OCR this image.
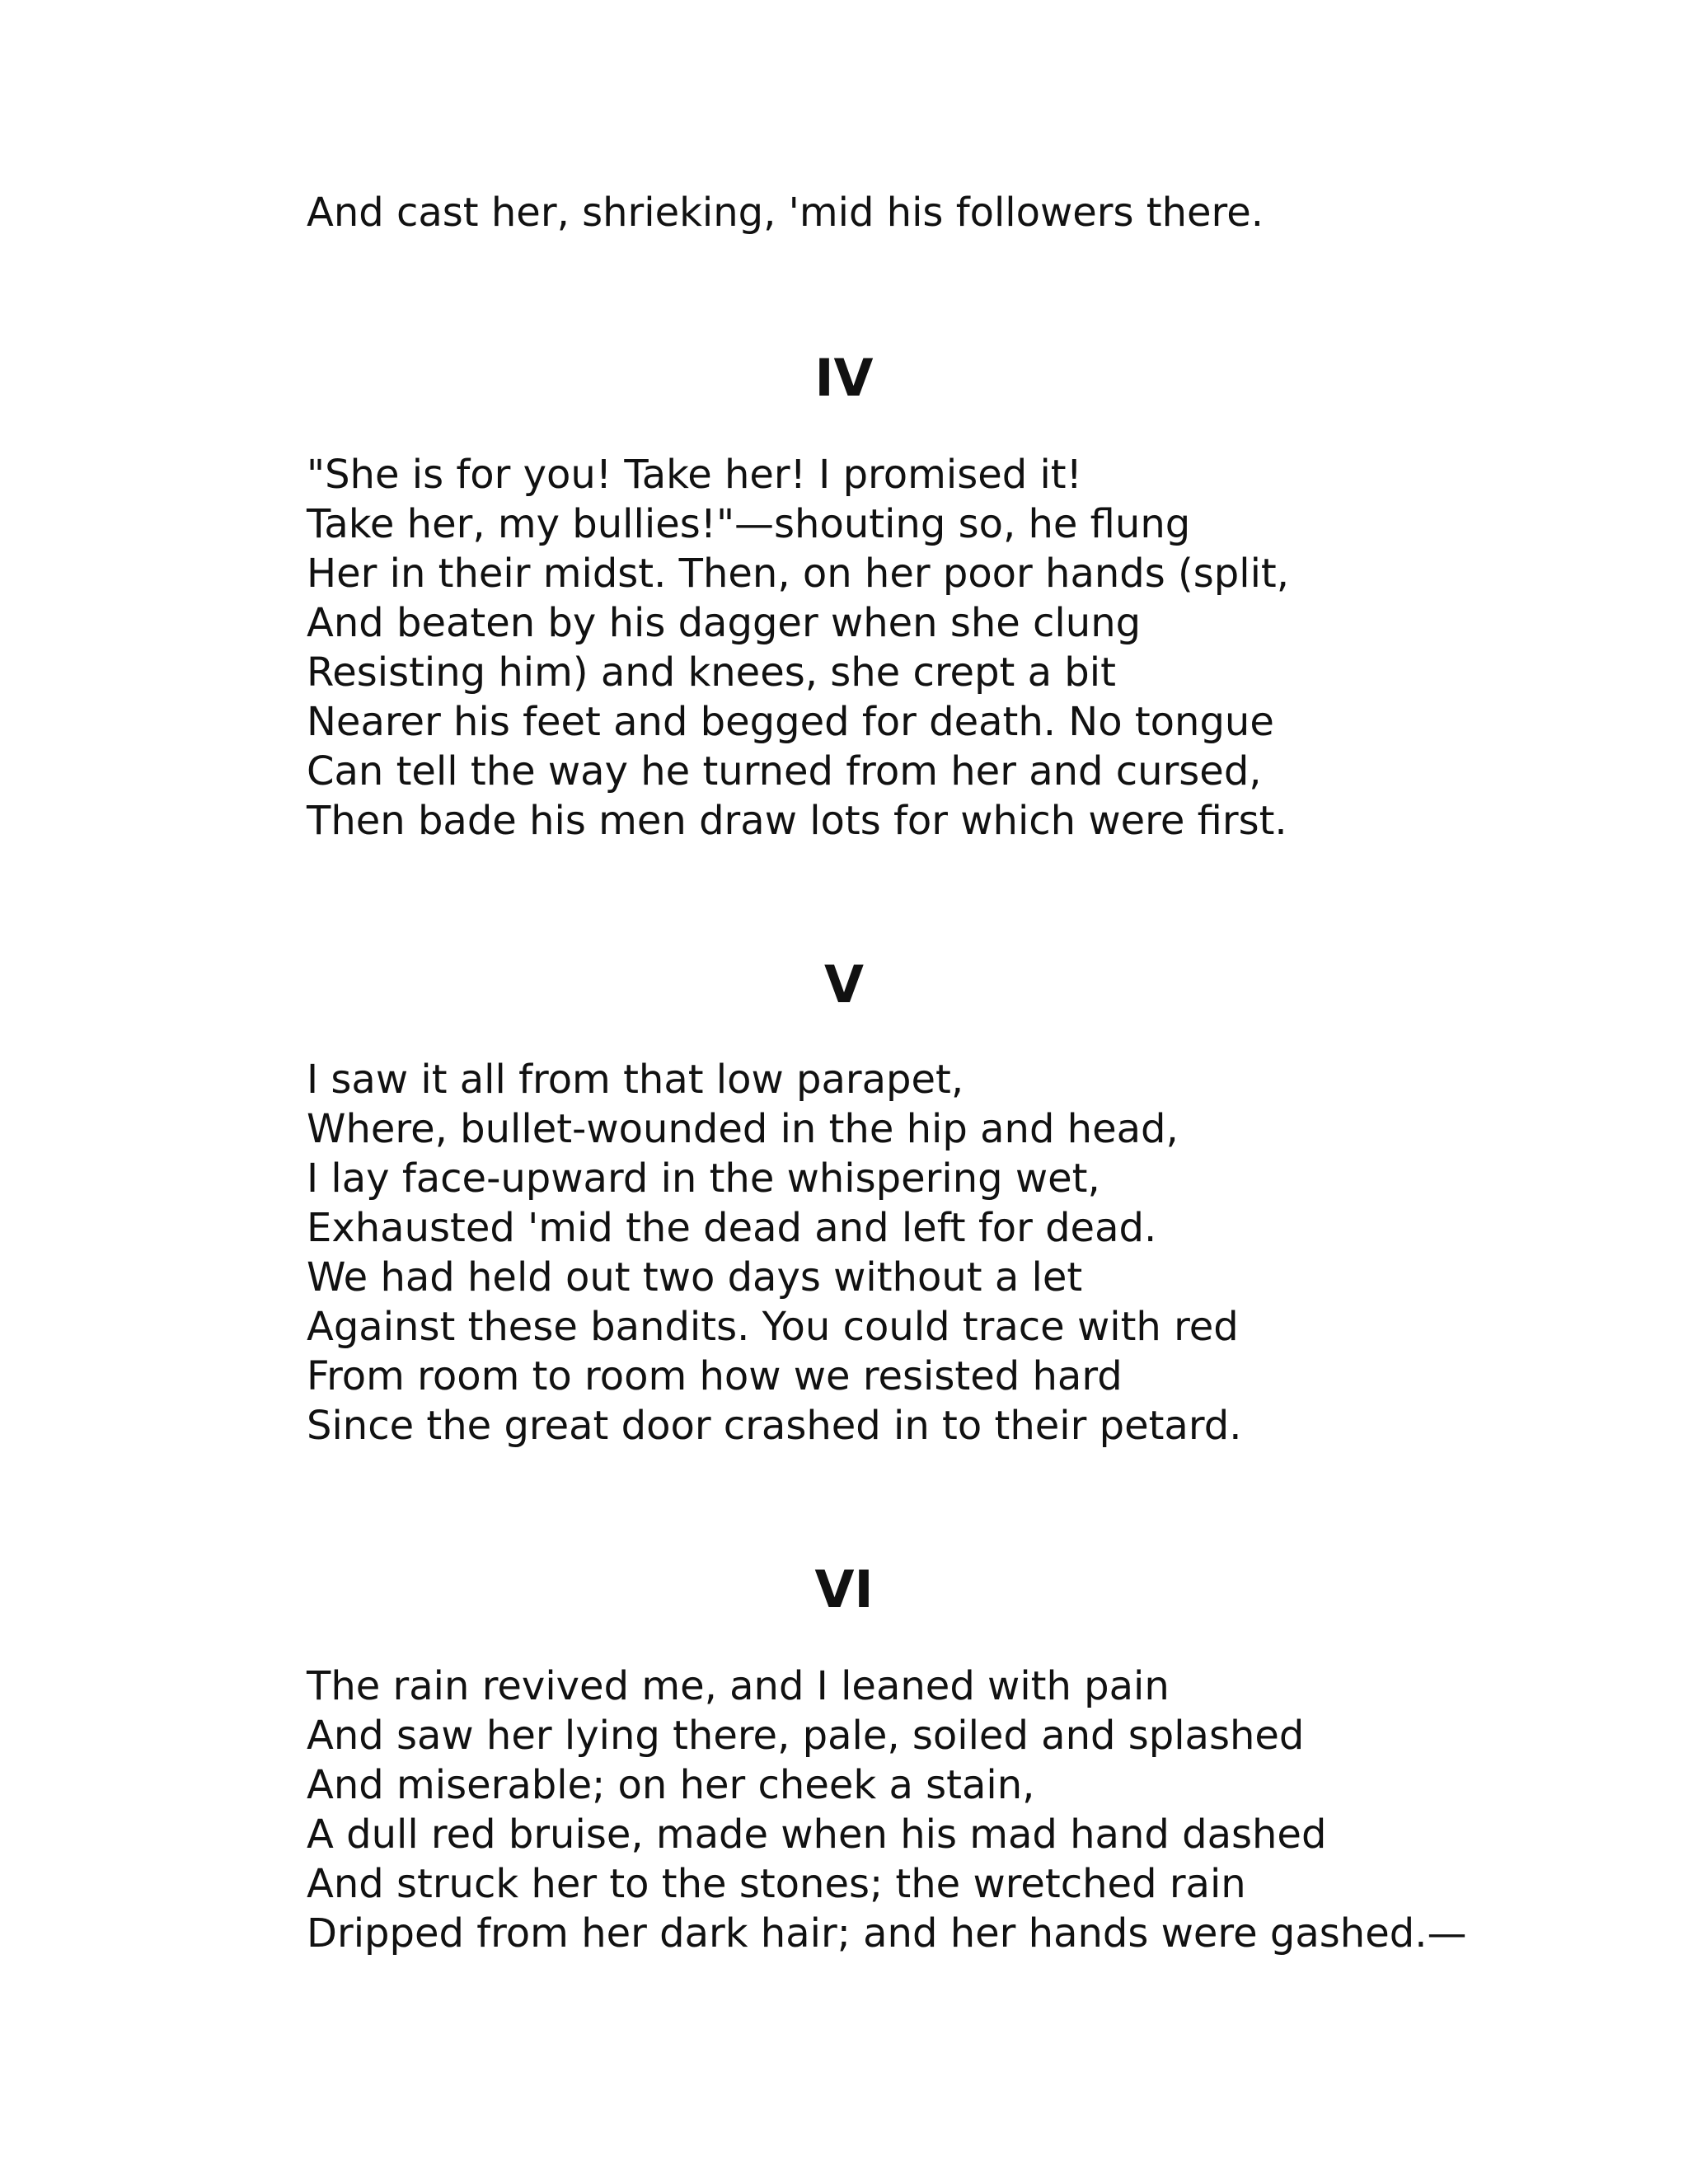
And cast her, shrieking, 'mid his followers there.
IV
"She is for you! Take her! I promised it!
Take her, my bullies!"—shouting so, he flung
Her in their midst. Then, on her poor hands (split,
And beaten by his dagger when she clung
Resisting him) and knees, she crept a bit
Nearer his feet and begged for death. No tongue
Can tell the way he turned from her and cursed,
Then bade his men draw lots for which were first.
V
I saw it all from that low parapet,
Where, bullet-wounded in the hip and head,
I lay face-upward in the whispering wet,
Exhausted 'mid the dead and left for dead.
We had held out two days without a let
Against these bandits. You could trace with red
From room to room how we resisted hard
Since the great door crashed in to their petard.
VI
The rain revived me, and I leaned with pain
And saw her lying there, pale, soiled and splashed
And miserable; on her cheek a stain,
A dull red bruise, made when his mad hand dashed
And struck her to the stones; the wretched rain
Dripped from her dark hair; and her hands were gashed.—
